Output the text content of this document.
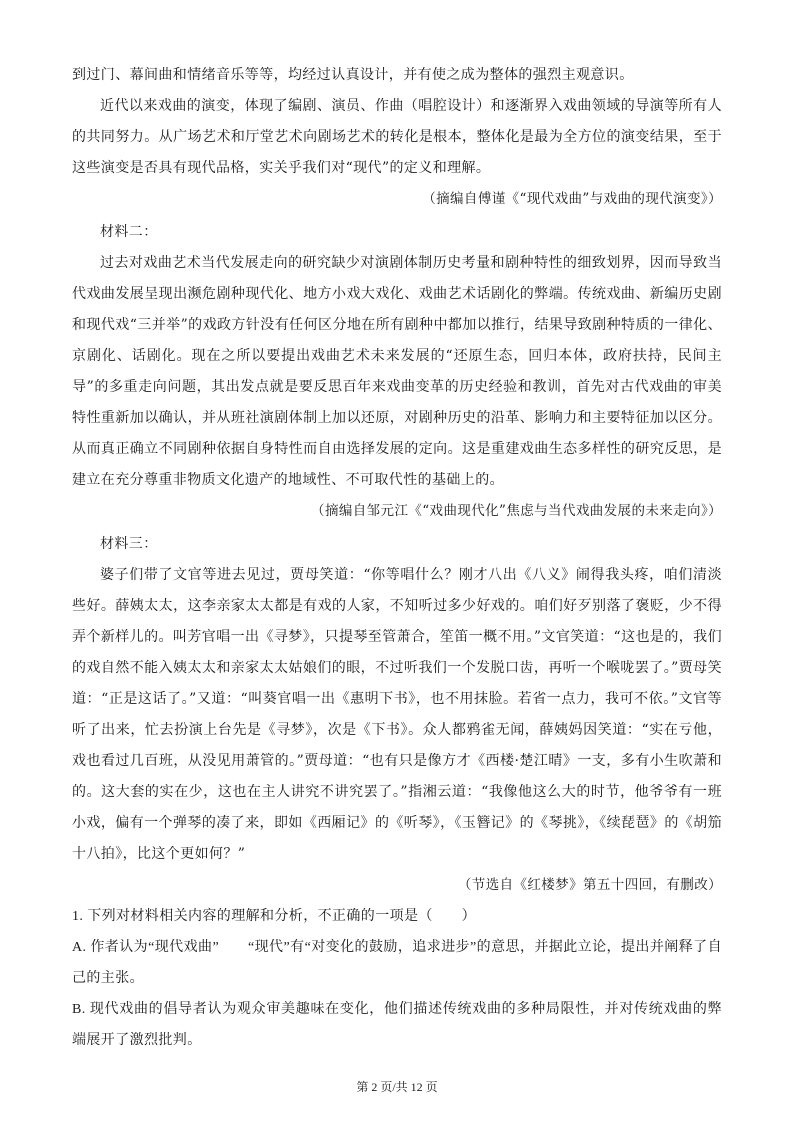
到过门、幕间曲和情绪音乐等等，均经过认真设计，并有使之成为整体的强烈主观意识。

近代以来戏曲的演变，体现了编剧、演员、作曲（唱腔设计）和逐渐界入戏曲领域的导演等所有人的共同努力。从广场艺术和厅堂艺术向剧场艺术的转化是根本，整体化是最为全方位的演变结果，至于这些演变是否具有现代品格，实关乎我们对“现代”的定义和理解。

（摘编自傅谨《“现代戏曲”与戏曲的现代演变》）

材料二：

过去对戏曲艺术当代发展走向的研究缺少对演剧体制历史考量和剧种特性的细致划界，因而导致当代戏曲发展呈现出濒危剧种现代化、地方小戏大戏化、戏曲艺术话剧化的弊端。传统戏曲、新编历史剧和现代戏“三并举”的戏政方针没有任何区分地在所有剧种中都加以推行，结果导致剧种特质的一律化、京剧化、话剧化。现在之所以要提出戏曲艺术未来发展的“还原生态，回归本体，政府扶持，民间主导”的多重走向问题，其出发点就是要反思百年来戏曲变革的历史经验和教训，首先对古代戏曲的审美特性重新加以确认，并从班社演剧体制上加以还原，对剧种历史的沿革、影响力和主要特征加以区分。从而真正确立不同剧种依据自身特性而自由选择发展的定向。这是重建戏曲生态多样性的研究反思，是建立在充分尊重非物质文化遗产的地域性、不可取代性的基础上的。

（摘编自邹元江《“戏曲现代化”焦虑与当代戏曲发展的未来走向》）

材料三：

婆子们带了文官等进去见过，贾母笑道：“你等唱什么？刚才八出《八义》闹得我头疼，咱们清淡些好。薛姨太太，这李亲家太太都是有戏的人家，不知听过多少好戏的。咱们好歹别落了褒贬，少不得弄个新样儿的。叫芳官唱一出《寻梦》，只提琴至管萧合，笙笛一概不用。”文官笑道：“这也是的，我们的戏自然不能入姨太太和亲家太太姑娘们的眼，不过听我们一个发脱口齿，再听一个喉咙罢了。”贾母笑道：“正是这话了。”又道：“叫葵官唱一出《惠明下书》，也不用抹脸。若省一点力，我可不依。”文官等听了出来，忙去扮演上台先是《寻梦》，次是《下书》。众人都鸦雀无闻，薛姨妈因笑道：“实在亏他，戏也看过几百班，从没见用萧管的。”贾母道：“也有只是像方才《西楼·楚江晴》一支，多有小生吹萧和的。这大套的实在少，这也在主人讲究不讲究罢了。”指湘云道：“我像他这么大的时节，他爷爷有一班小戏，偏有一个弹琴的凑了来，即如《西厢记》的《听琴》，《玉簪记》的《琴挑》，《续琵琶》的《胡笳十八拍》，比这个更如何？”

（节选自《红楼梦》第五十四回，有删改）

1. 下列对材料相关内容的理解和分析，不正确的一项是（　　）

A. 作者认为“现代戏曲”　　“现代”有“对变化的鼓励，追求进步”的意思，并据此立论，提出并阐释了自己的主张。

B. 现代戏曲的倡导者认为观众审美趣味在变化，他们描述传统戏曲的多种局限性，并对传统戏曲的弊端展开了激烈批判。

第 2 页/共 12 页
